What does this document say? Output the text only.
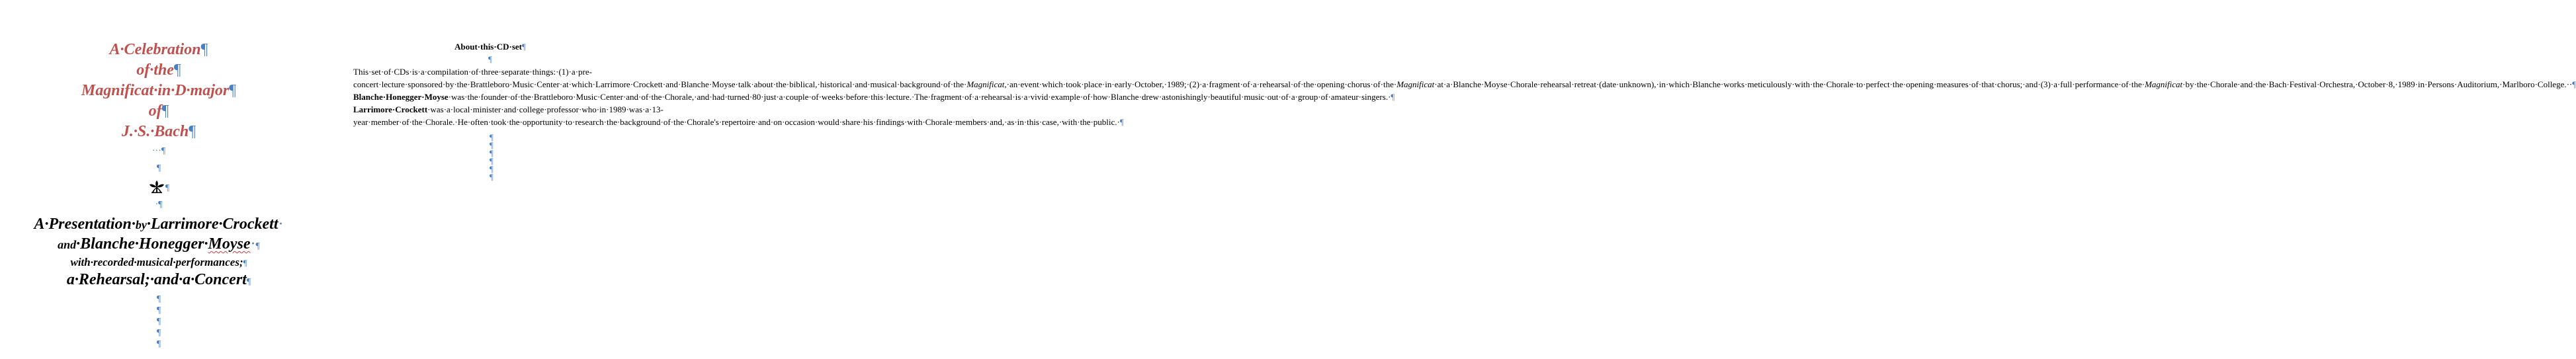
A·Celebration¶
of·the¶
Magnificat·in·D·major¶
of¶
J.·S.·Bach¶
···¶
¶
¶
·¶
A·Presentation·by·Larrimore·Crockett·
and·Blanche·Honegger·Moyse·¶
with·recorded·musical·performances;¶
a·Rehearsal;·and·a·Concert¶
¶
¶
¶
¶
¶

About·this·CD·set¶

¶

This·set·of·CDs·is·a·compilation·of·three·separate·things:·(1)·a·pre-concert·lecture·sponsored·by·the·Brattleboro·Music·Center·at·which·Larrimore·Crockett·and·Blanche·Moyse·talk·about·the·biblical,·historical·and·musical·background·of·the·Magnificat,·an·event·which·took·place·in·early·October,·1989;·(2)·a·fragment·of·a·rehearsal·of·the·opening·chorus·of·the·Magnificat·at·a·Blanche·Moyse·Chorale·rehearsal·retreat·(date·unknown),·in·which·Blanche·works·meticulously·with·the·Chorale·to·perfect·the·opening·measures·of·that·chorus;·and·(3)·a·full·performance·of·the·Magnificat·by·the·Chorale·and·the·Bach·Festival·Orchestra,·October·8,·1989·in·Persons·Auditorium,·Marlboro·College.··¶

Blanche·Honegger·Moyse·was·the·founder·of·the·Brattleboro·Music·Center·and·of·the·Chorale,·and·had·turned·80·just·a·couple·of·weeks·before·this·lecture.·The·fragment·of·a·rehearsal·is·a·vivid·example·of·how·Blanche·drew·astonishingly·beautiful·music·out·of·a·group·of·amateur·singers.·¶

Larrimore·Crockett·was·a·local·minister·and·college·professor·who·in·1989·was·a·13-year·member·of·the·Chorale.·He·often·took·the·opportunity·to·research·the·background·of·the·Chorale's·repertoire·and·on·occasion·would·share·his·findings·with·Chorale·members·and,·as·in·this·case,·with·the·public.·¶

¶
¶
¶
¶
¶
¶
